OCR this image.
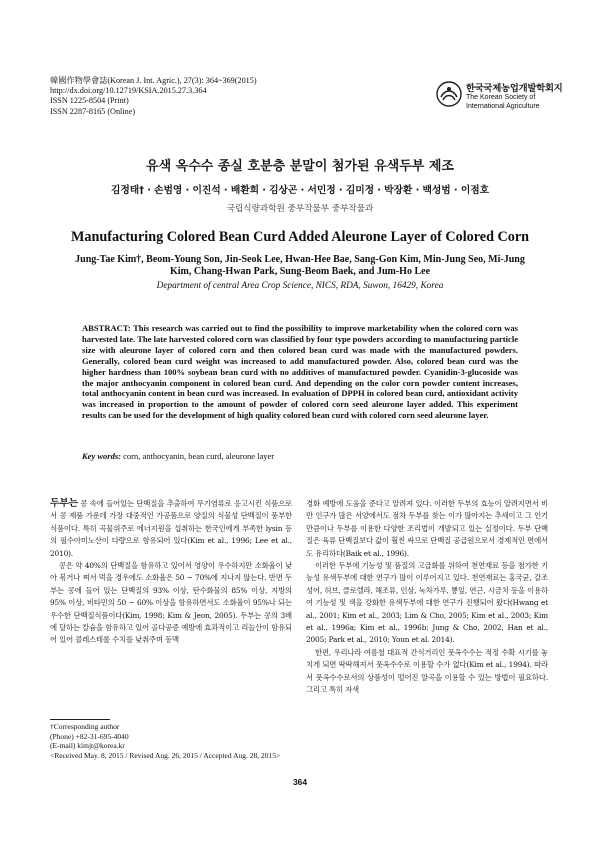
韓國作物學會誌(Korean J. Int. Agric.), 27(3): 364~369(2015)
http://dx.doi.org/10.12719/KSIA.2015.27.3.364
ISSN 1225-8504 (Print)
ISSN 2287-8165 (Online)
한국국제농업개발학회지
The Korean Society of International Agriculture
유색 옥수수 종실 호분층 분말이 첨가된 유색두부 제조
김정태† · 손범영 · 이진석 · 배환희 · 김상곤 · 서민정 · 김미정 · 박장환 · 백성범 · 이점호
국립식량과학원 중부작물부 중부작물과
Manufacturing Colored Bean Curd Added Aleurone Layer of Colored Corn
Jung-Tae Kim†, Beom-Young Son, Jin-Seok Lee, Hwan-Hee Bae, Sang-Gon Kim, Min-Jung Seo, Mi-Jung Kim, Chang-Hwan Park, Sung-Beom Baek, and Jum-Ho Lee
Department of central Area Crop Science, NICS, RDA, Suwon, 16429, Korea
ABSTRACT: This research was carried out to find the possibility to improve marketability when the colored corn was harvested late. The late harvested colored corn was classified by four type powders according to manufacturing particle size with aleurone layer of colored corn and then colored bean curd was made with the manufactured powders. Generally, colored bean curd weight was increased to add manufactured powder. Also, colored bean curd was the higher hardness than 100% soybean bean curd with no additives of manufactured powder. Cyanidin-3-glucoside was the major anthocyanin component in colored bean curd. And depending on the color corn powder content increases, total anthocyanin content in bean curd was increased. In evaluation of DPPH in colored bean curd, antioxidant activity was increased in proportion to the amount of powder of colored corn seed aleurone layer added. This experiment results can be used for the development of high quality colored bean curd with colored corn seed aleurone layer.
Key words: corn, anthocyanin, bean curd, aleurone layer

두부는 콩 속에 들어있는 단백질을 추출하여 무기염류로 응고시킨 식품으로서 콩 제품 가운데 가장 대중적인 가공품으로 양질의 식물성 단백질이 풍부한 식품이다. 특히 곡물위주로 에너지원을 섭취하는 한국인에게 부족한 lysin 등의 필수아미노산이 다량으로 함유되어 있다(Kim et al., 1996; Lee et al., 2010).

콩은 약 40%의 단백질을 함유하고 있어서 영양이 우수하지만 소화율이 낮아 볶거나 쪄서 먹을 경우에도 소화율은 50 ~ 70%에 지나지 않는다. 반면 두부는 콩에 들어 있는 단백질의 93% 이상, 탄수화물의 85% 이상, 지방의 95% 이상, 비타민의 50 ~ 60% 이상을 함유하면서도 소화율이 95%나 되는 우수한 단백질식품이다(Kim, 1998; Kim & Jeon, 2005). 두부는 콩의 3배에 달하는 칼슘을 함유하고 있어 골다공증 예방에 효과적이고 리놀산이 함유되어 있어 콜레스테롤 수치를 낮춰주며 동맥

경화 예방에 도움을 준다고 알려져 있다. 이러한 두부의 효능이 알려지면서 비만 인구가 많은 서양에서도 점차 두부를 찾는 이가 많아지는 추세이고 그 인기만큼이나 두부를 이용한 다양한 조리법이 개발되고 있는 실정이다. 두부 단백질은 육류 단백질보다 값이 훨씬 싸므로 단백질 공급원으로서 경제적인 면에서도 유리하다(Baik et al., 1996).

이러한 두부에 기능성 및 품질의 고급화를 위하여 천연재료 등을 첨가한 기능성 유색두부에 대한 연구가 많이 이루어지고 있다. 천연재료는 홍국균, 갈조성어, 허브, 클로렐라, 해조류, 인삼, 녹차가루, 뽕잎, 연근, 시금치 등을 이용하여 기능성 및 색을 강화한 유색두부에 대한 연구가 진행되어 왔다(Hwang et al., 2001; Kim et al., 2003; Lim & Cho, 2005; Kim et al., 2003; Kim et al., 1996a; Kim et al., 1996b; Jung & Cho, 2002, Han et al., 2005; Park et al., 2010; Youn et al. 2014).

한편, 우리나라 여름철 대표적 간식거리인 풋옥수수는 적정 수확 시기를 놓치게 되면 딱딱해져서 풋옥수수로 이용할 수가 없다(Kim et al., 1994). 따라서 풋옥수수로서의 상품성이 떨어진 알곡을 이용할 수 있는 방법이 필요하다. 그리고 특히 자색

†Corresponding author
(Phone) +82-31-695-4040
(E-mail) kimjt@korea.kr
<Received May. 8, 2015 / Revised Aug. 26, 2015 / Accepted Aug. 28, 2015>
364
